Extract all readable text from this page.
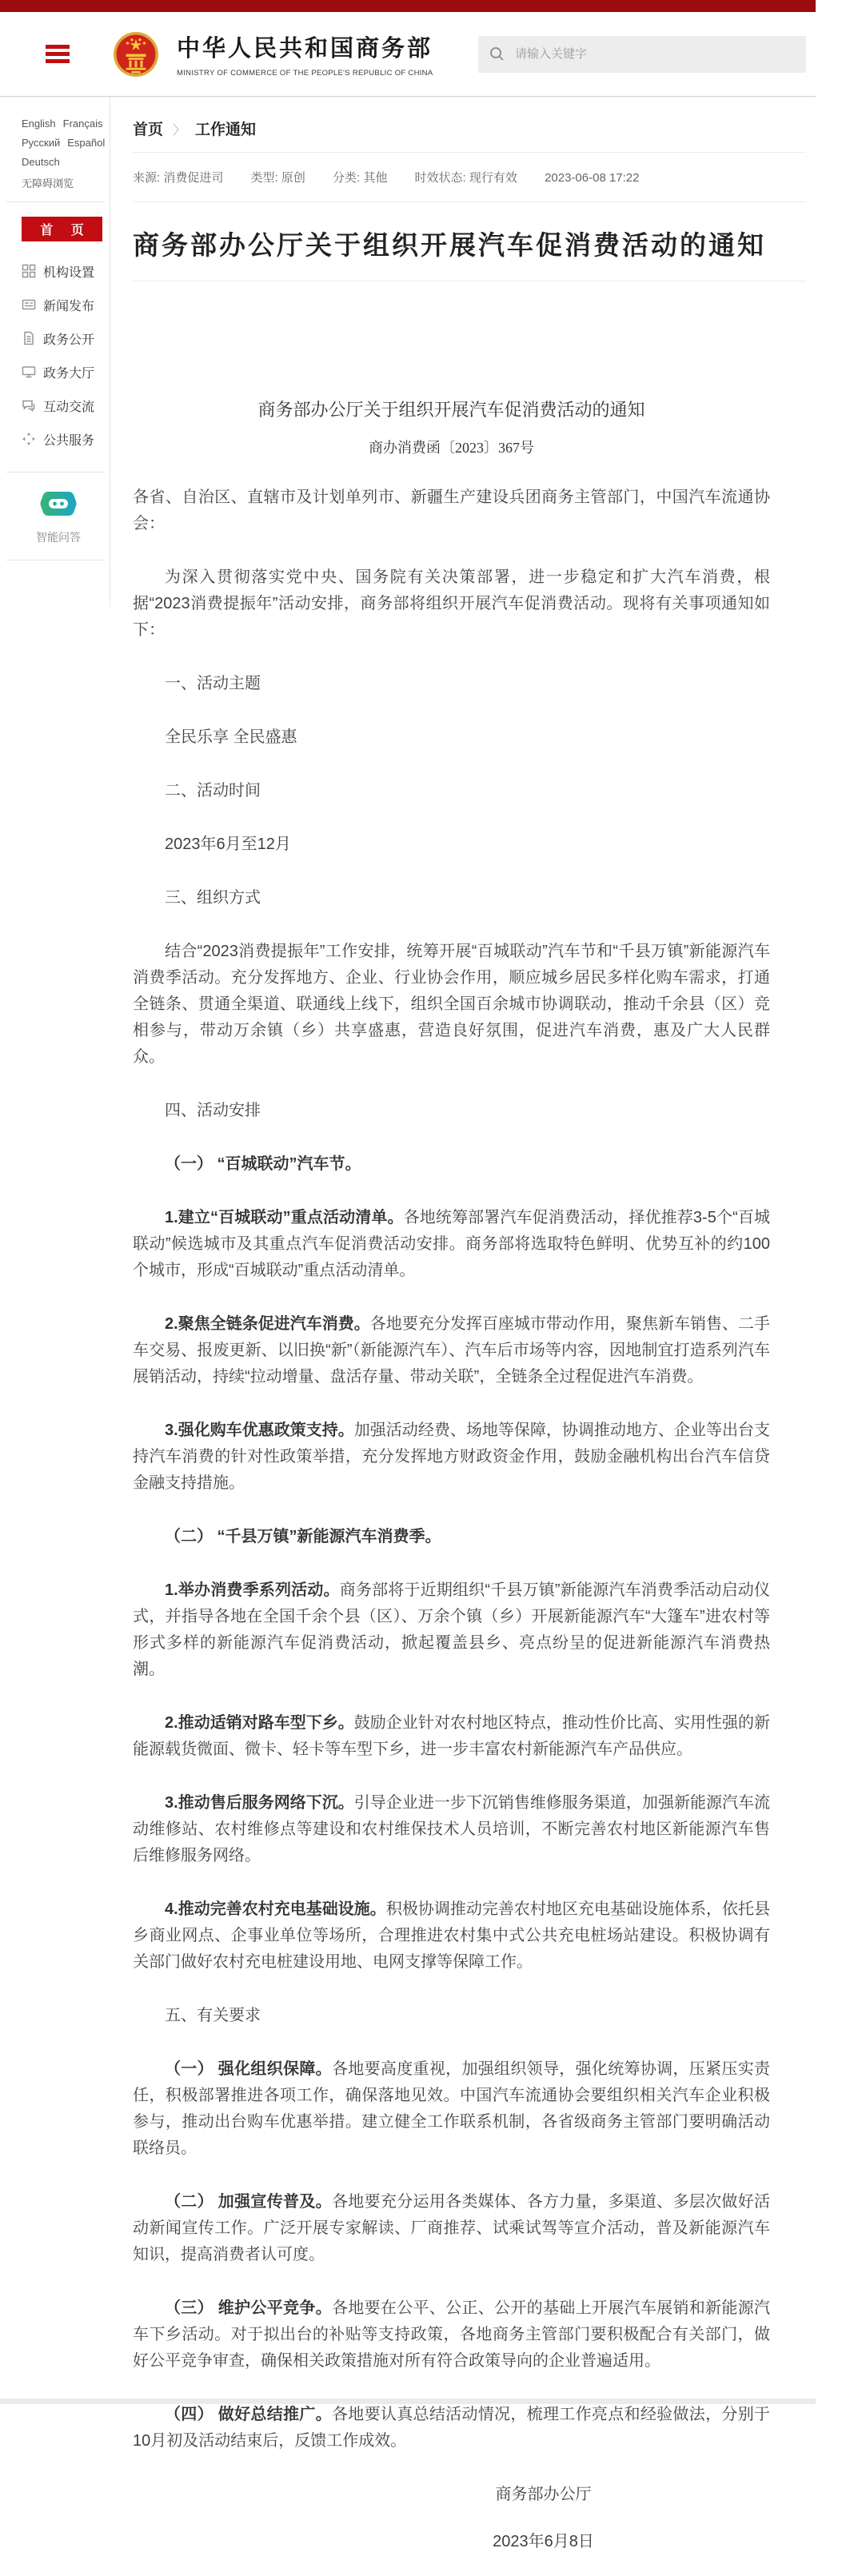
中华人民共和国商务部
MINISTRY OF COMMERCE OF THE PEOPLE'S REPUBLIC OF CHINA
请输入关键字
English Français
Русский Español
Deutsch
无障碍浏览
首 页
机构设置
新闻发布
政务公开
政务大厅
互动交流
公共服务
智能问答
首页 〉 工作通知
来源: 消费促进司 类型: 原创 分类: 其他 时效状态: 现行有效 2023-06-08 17:22
商务部办公厅关于组织开展汽车促消费活动的通知
商务部办公厅关于组织开展汽车促消费活动的通知
商办消费函〔2023〕367号

各省、自治区、直辖市及计划单列市、新疆生产建设兵团商务主管部门，中国汽车流通协会：

为深入贯彻落实党中央、国务院有关决策部署，进一步稳定和扩大汽车消费，根据“2023消费提振年”活动安排，商务部将组织开展汽车促消费活动。现将有关事项通知如下：

一、活动主题

全民乐享 全民盛惠

二、活动时间

2023年6月至12月

三、组织方式

结合“2023消费提振年”工作安排，统筹开展“百城联动”汽车节和“千县万镇”新能源汽车消费季活动。充分发挥地方、企业、行业协会作用，顺应城乡居民多样化购车需求，打通全链条、贯通全渠道、联通线上线下，组织全国百余城市协调联动，推动千余县（区）竞相参与，带动万余镇（乡）共享盛惠，营造良好氛围，促进汽车消费，惠及广大人民群众。

四、活动安排

（一） “百城联动”汽车节。

1.建立“百城联动”重点活动清单。各地统筹部署汽车促消费活动，择优推荐3-5个“百城联动”候选城市及其重点汽车促消费活动安排。商务部将选取特色鲜明、优势互补的约100个城市，形成“百城联动”重点活动清单。

2.聚焦全链条促进汽车消费。各地要充分发挥百座城市带动作用，聚焦新车销售、二手车交易、报废更新、以旧换“新”（新能源汽车）、汽车后市场等内容，因地制宜打造系列汽车展销活动，持续“拉动增量、盘活存量、带动关联”，全链条全过程促进汽车消费。

3.强化购车优惠政策支持。加强活动经费、场地等保障，协调推动地方、企业等出台支持汽车消费的针对性政策举措，充分发挥地方财政资金作用，鼓励金融机构出台汽车信贷金融支持措施。

（二） “千县万镇”新能源汽车消费季。

1.举办消费季系列活动。商务部将于近期组织“千县万镇”新能源汽车消费季活动启动仪式，并指导各地在全国千余个县（区）、万余个镇（乡）开展新能源汽车“大篷车”进农村等形式多样的新能源汽车促消费活动，掀起覆盖县乡、亮点纷呈的促进新能源汽车消费热潮。

2.推动适销对路车型下乡。鼓励企业针对农村地区特点，推动性价比高、实用性强的新能源载货微面、微卡、轻卡等车型下乡，进一步丰富农村新能源汽车产品供应。

3.推动售后服务网络下沉。引导企业进一步下沉销售维修服务渠道，加强新能源汽车流动维修站、农村维修点等建设和农村维保技术人员培训，不断完善农村地区新能源汽车售后维修服务网络。

4.推动完善农村充电基础设施。积极协调推动完善农村地区充电基础设施体系，依托县乡商业网点、企事业单位等场所，合理推进农村集中式公共充电桩场站建设。积极协调有关部门做好农村充电桩建设用地、电网支撑等保障工作。

五、有关要求

（一） 强化组织保障。各地要高度重视，加强组织领导，强化统筹协调，压紧压实责任，积极部署推进各项工作，确保落地见效。中国汽车流通协会要组织相关汽车企业积极参与，推动出台购车优惠举措。建立健全工作联系机制，各省级商务主管部门要明确活动联络员。

（二） 加强宣传普及。各地要充分运用各类媒体、各方力量，多渠道、多层次做好活动新闻宣传工作。广泛开展专家解读、厂商推荐、试乘试驾等宣介活动，普及新能源汽车知识，提高消费者认可度。

（三） 维护公平竞争。各地要在公平、公正、公开的基础上开展汽车展销和新能源汽车下乡活动。对于拟出台的补贴等支持政策，各地商务主管部门要积极配合有关部门，做好公平竞争审查，确保相关政策措施对所有符合政策导向的企业普遍适用。

（四） 做好总结推广。各地要认真总结活动情况，梳理工作亮点和经验做法，分别于10月初及活动结束后，反馈工作成效。

商务部办公厅

2023年6月8日
